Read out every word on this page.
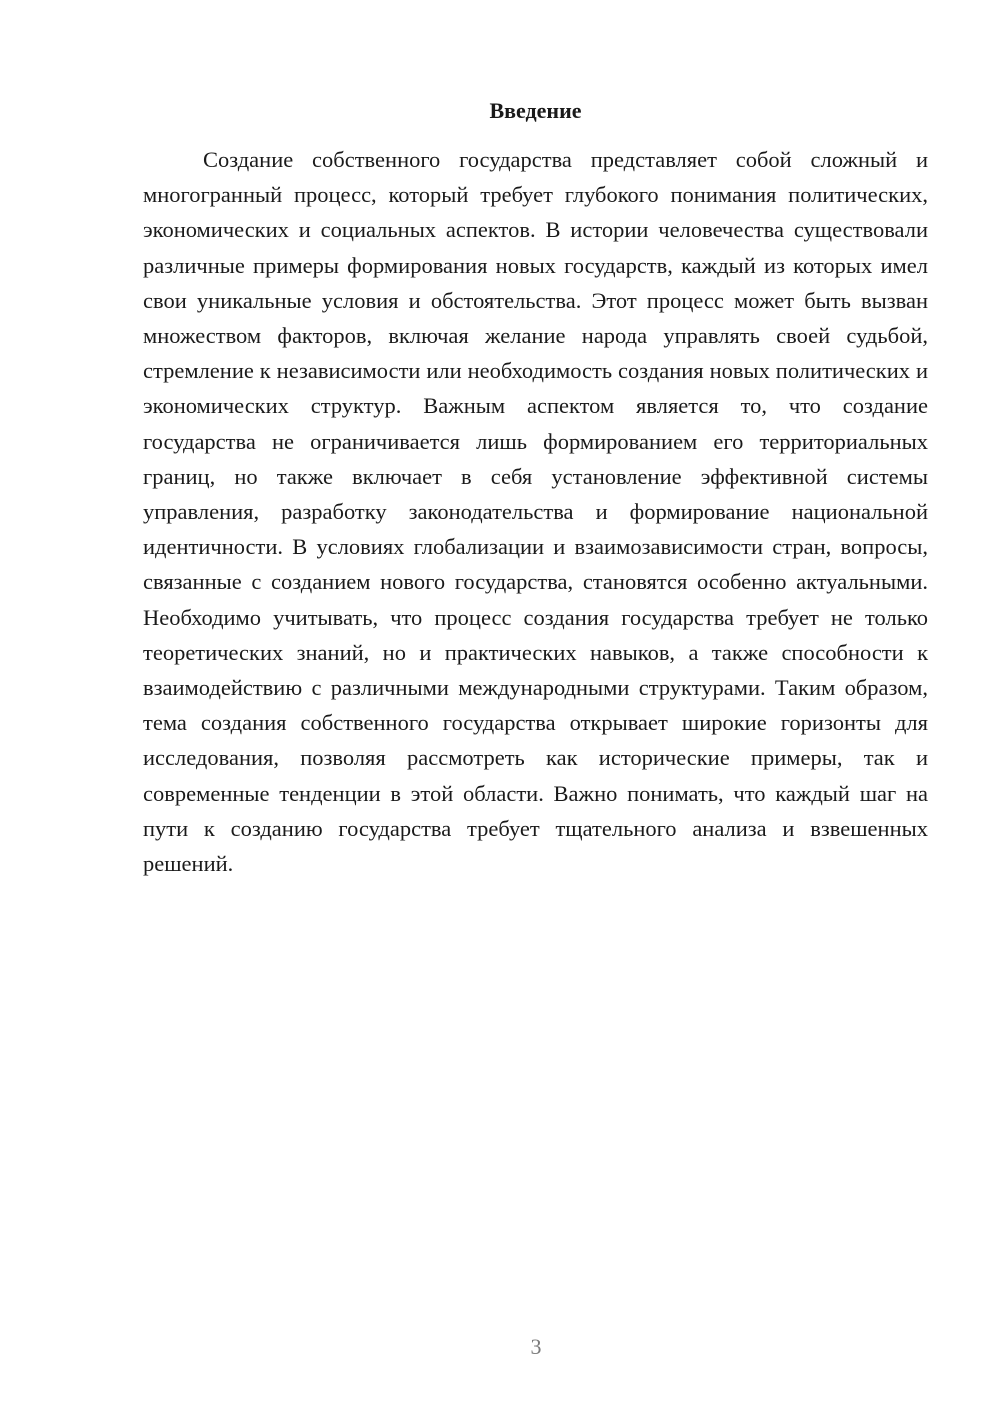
Введение

Создание собственного государства представляет собой сложный и многогранный процесс, который требует глубокого понимания политических, экономических и социальных аспектов. В истории человечества существовали различные примеры формирования новых государств, каждый из которых имел свои уникальные условия и обстоятельства. Этот процесс может быть вызван множеством факторов, включая желание народа управлять своей судьбой, стремление к независимости или необходимость создания новых политических и экономических структур. Важным аспектом является то, что создание государства не ограничивается лишь формированием его территориальных границ, но также включает в себя установление эффективной системы управления, разработку законодательства и формирование национальной идентичности. В условиях глобализации и взаимозависимости стран, вопросы, связанные с созданием нового государства, становятся особенно актуальными. Необходимо учитывать, что процесс создания государства требует не только теоретических знаний, но и практических навыков, а также способности к взаимодействию с различными международными структурами. Таким образом, тема создания собственного государства открывает широкие горизонты для исследования, позволяя рассмотреть как исторические примеры, так и современные тенденции в этой области. Важно понимать, что каждый шаг на пути к созданию государства требует тщательного анализа и взвешенных решений.

3
